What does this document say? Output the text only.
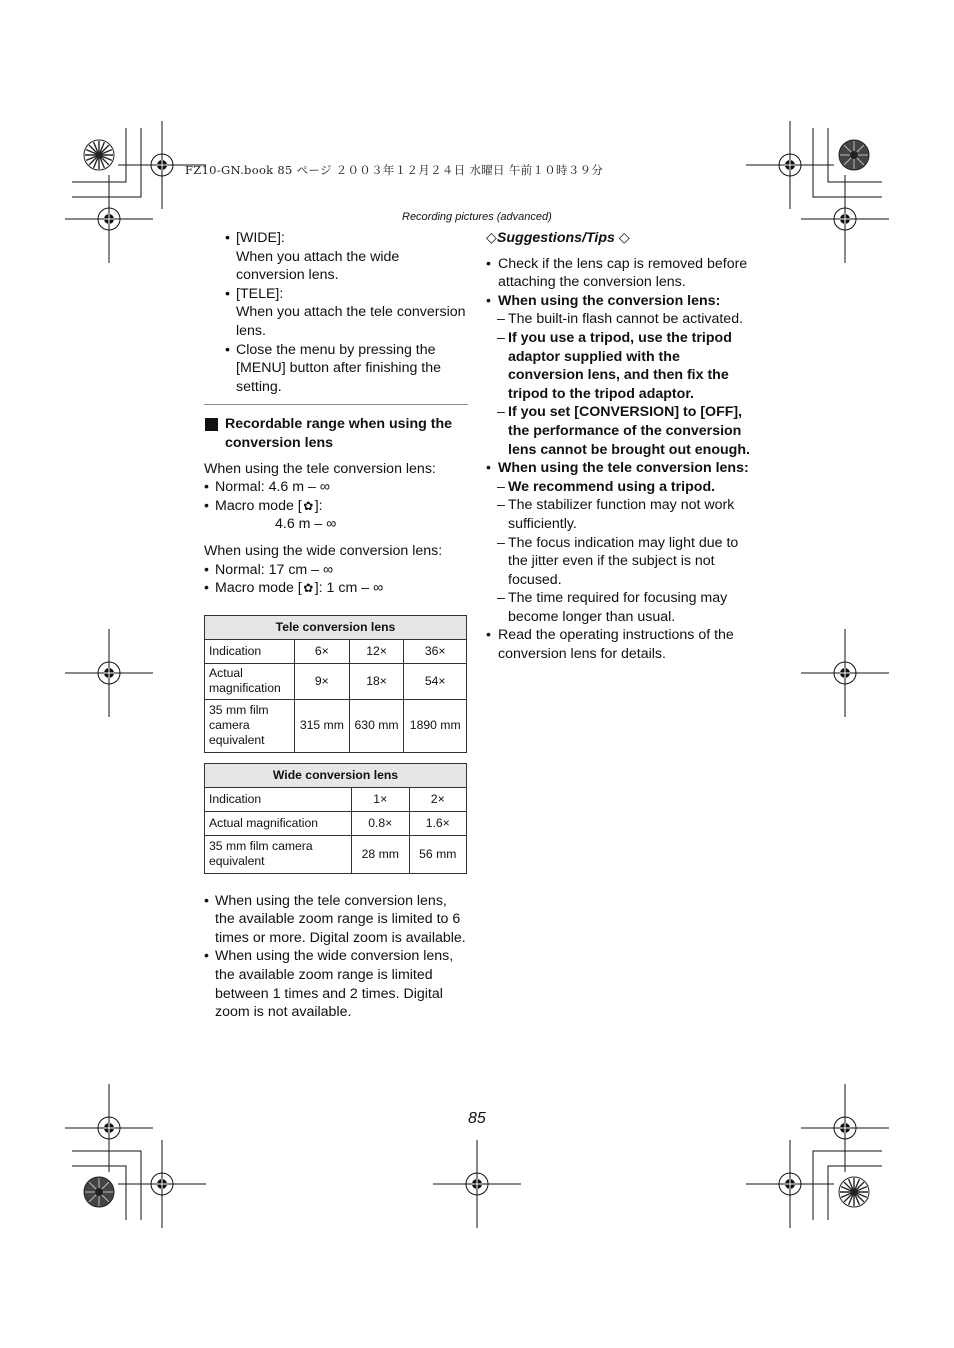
FZ10-GN.book 85 ページ ２００３年１２月２４日 水曜日 午前１０時３９分
Recording pictures (advanced)
• [WIDE]:
When you attach the wide conversion lens.
• [TELE]:
When you attach the tele conversion lens.
• Close the menu by pressing the [MENU] button after finishing the setting.
Recordable range when using the conversion lens

When using the tele conversion lens:

• Normal: 4.6 m – ∞
• Macro mode [✿]:
4.6 m – ∞

When using the wide conversion lens:

• Normal: 17 cm – ∞
• Macro mode [✿]: 1 cm – ∞
Tele conversion lens			
Indication	6×	12×	36×
Actual magnification	9×	18×	54×
35 mm film camera equivalent	315 mm	630 mm	1890 mm
Wide conversion lens		
Indication	1×	2×
Actual magnification	0.8×	1.6×
35 mm film camera equivalent	28 mm	56 mm
• When using the tele conversion lens, the available zoom range is limited to 6 times or more. Digital zoom is available.
• When using the wide conversion lens, the available zoom range is limited between 1 times and 2 times. Digital zoom is not available.
◇Suggestions/Tips ◇
• Check if the lens cap is removed before attaching the conversion lens.
• When using the conversion lens:
– The built-in flash cannot be activated.
– If you use a tripod, use the tripod adaptor supplied with the conversion lens, and then fix the tripod to the tripod adaptor.
– If you set [CONVERSION] to [OFF], the performance of the conversion lens cannot be brought out enough.
• When using the tele conversion lens:
– We recommend using a tripod.
– The stabilizer function may not work sufficiently.
– The focus indication may light due to the jitter even if the subject is not focused.
– The time required for focusing may become longer than usual.
• Read the operating instructions of the conversion lens for details.
85
